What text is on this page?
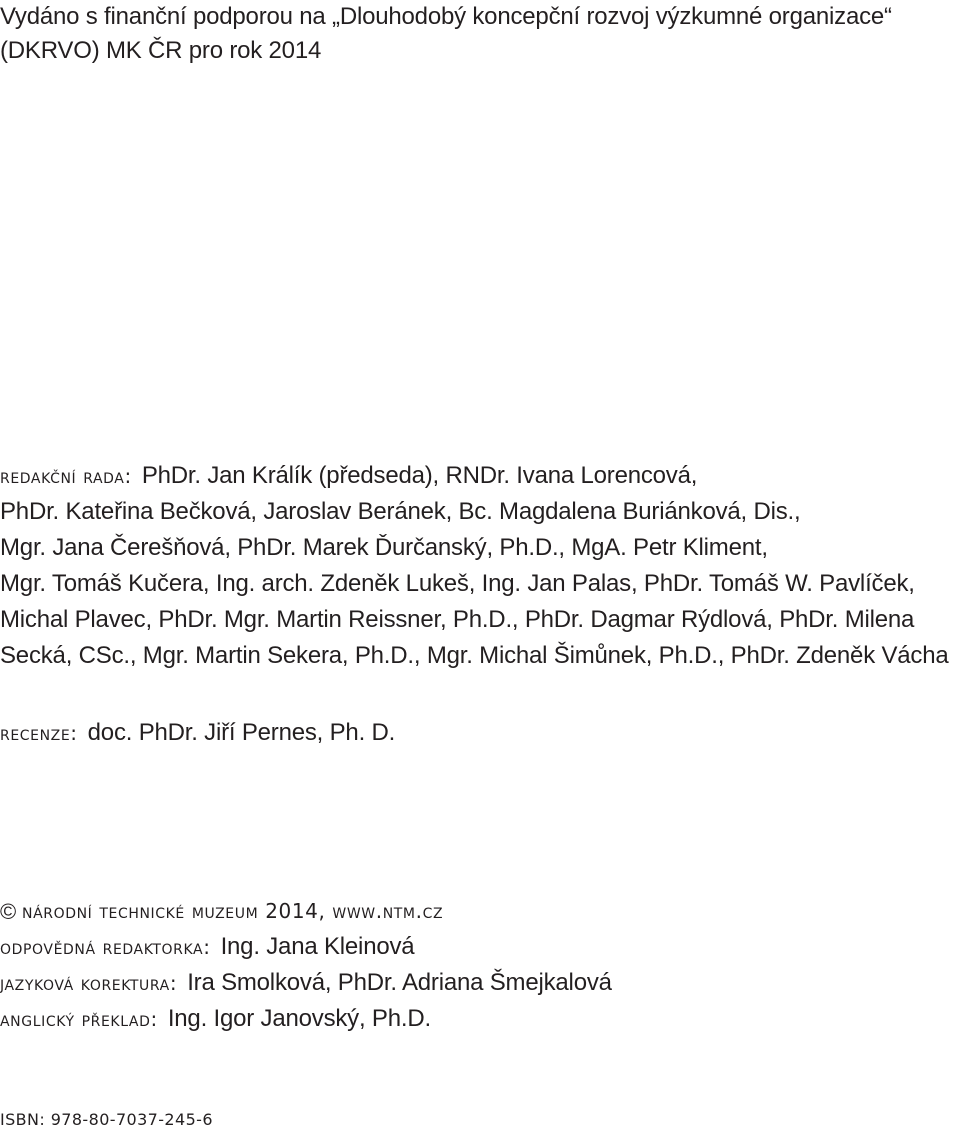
Vydáno s finanční podporou na „Dlouhodobý koncepční rozvoj výzkumné organizace“

(DKRVO) MK ČR pro rok 2014

redakční rada: PhDr. Jan Králík (předseda), RNDr. Ivana Lorencová,

PhDr. Kateřina Bečková, Jaroslav Beránek, Bc. Magdalena Buriánková, Dis.,

Mgr. Jana Čerešňová, PhDr. Marek Ďurčanský, Ph.D., MgA. Petr Kliment,

Mgr. Tomáš Kučera, Ing. arch. Zdeněk Lukeš, Ing. Jan Palas, PhDr. Tomáš W. Pavlíček,

Michal Plavec, PhDr. Mgr. Martin Reissner, Ph.D., PhDr. Dagmar Rýdlová, PhDr. Milena

Secká, CSc., Mgr. Martin Sekera, Ph.D., Mgr. Michal Šimůnek, Ph.D., PhDr. Zdeněk Vácha

recenze: doc. PhDr. Jiří Pernes, Ph. D.

© národní technické muzeum 2014, www.ntm.cz

odpovědná redaktorka: Ing. Jana Kleinová

jazyková korektura: Ira Smolková, PhDr. Adriana Šmejkalová

anglický překlad: Ing. Igor Janovský, Ph.D.

ISBN: 978-80-7037-245-6
